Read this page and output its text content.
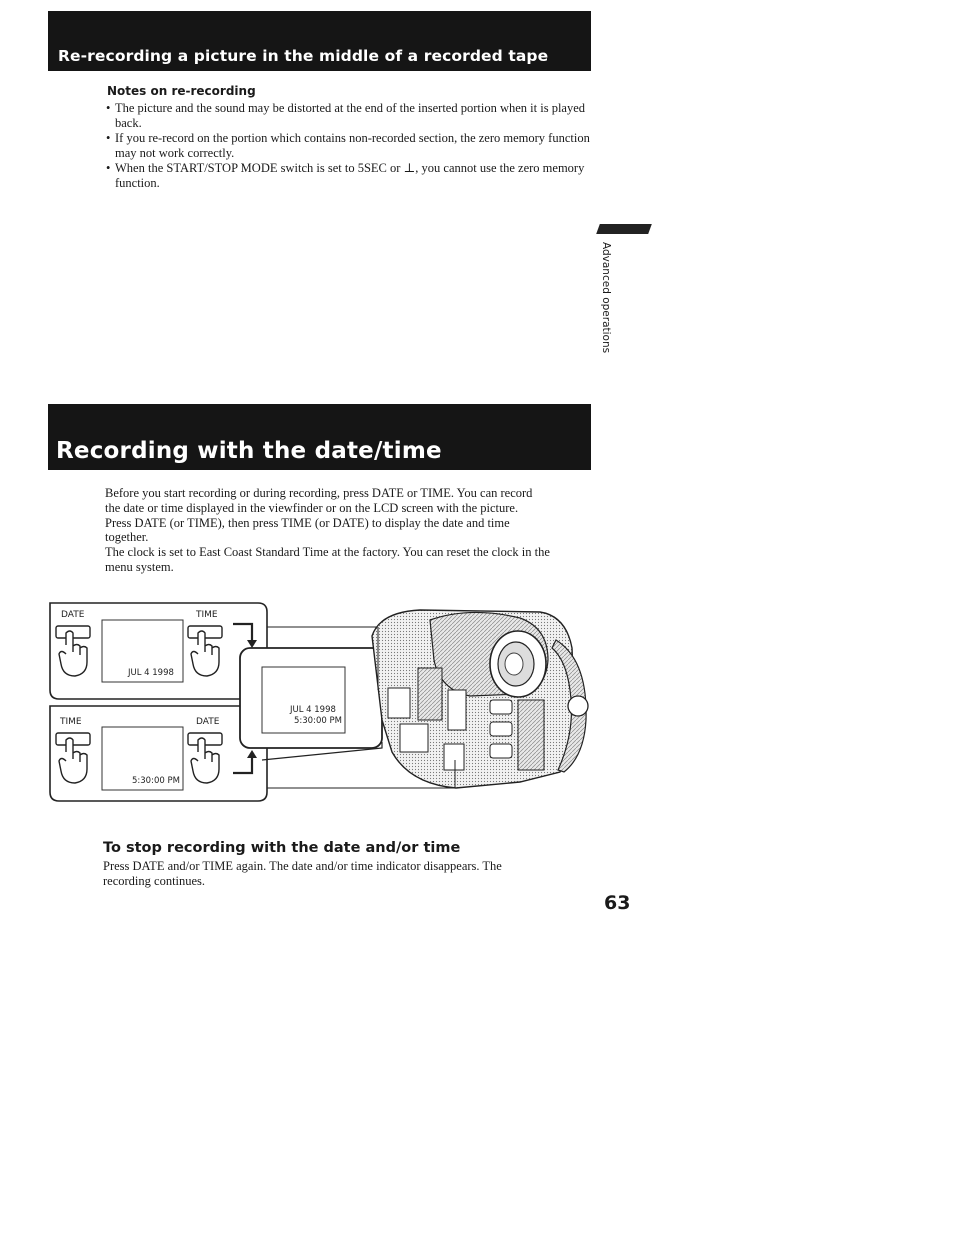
Re-recording a picture in the middle of a recorded tape
Notes on re-recording
• The picture and the sound may be distorted at the end of the inserted portion when it is played back.
• If you re-record on the portion which contains non-recorded section, the zero memory function may not work correctly.
• When the START/STOP MODE switch is set to 5SEC or ⊥, you cannot use the zero memory function.
Advanced operations
Recording with the date/time
Before you start recording or during recording, press DATE or TIME. You can record
the date or time displayed in the viewfinder or on the LCD screen with the picture.
Press DATE (or TIME), then press TIME (or DATE) to display the date and time
together.
The clock is set to East Coast Standard Time at the factory. You can reset the clock in the
menu system.
DATE	TIME
JUL 4 1998
TIME	DATE
5:30:00 PM
JUL 4 1998
5:30:00 PM
To stop recording with the date and/or time
Press DATE and/or TIME again. The date and/or time indicator disappears. The
recording continues.
63
